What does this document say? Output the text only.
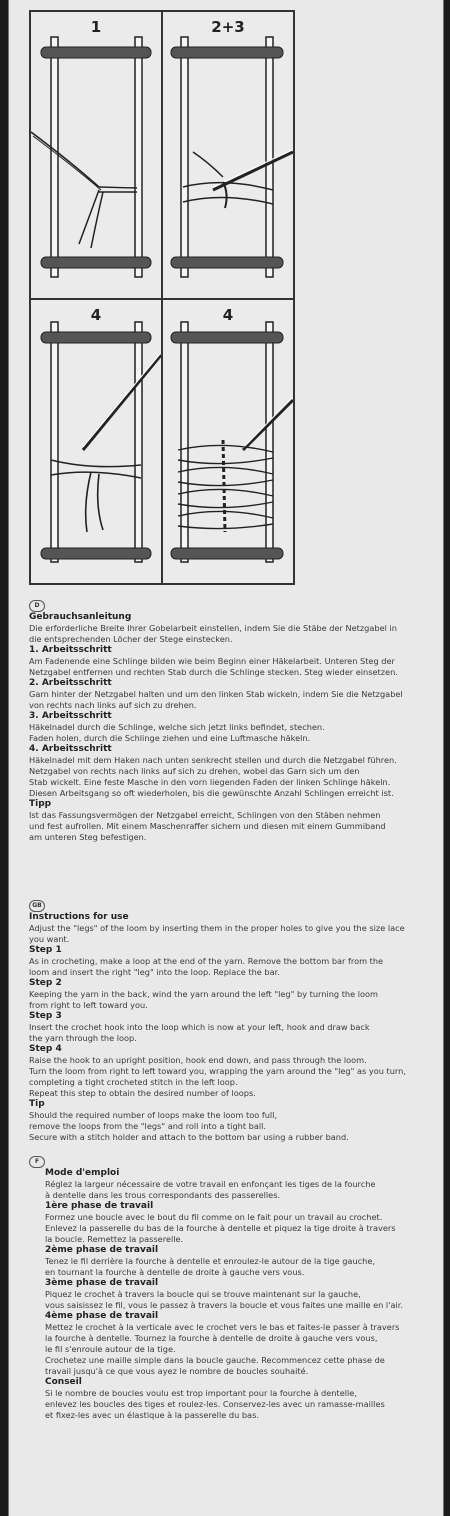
1	2+3
4	4
D
Gebrauchsanleitung
Die erforderliche Breite Ihrer Gobelarbeit einstellen, indem Sie die Stäbe der Netzgabel in
die entsprechenden Löcher der Stege einstecken.
1. Arbeitsschritt
Am Fadenende eine Schlinge bilden wie beim Beginn einer Häkelarbeit. Unteren Steg der
Netzgabel entfernen und rechten Stab durch die Schlinge stecken. Steg wieder einsetzen.
2. Arbeitsschritt
Garn hinter der Netzgabel halten und um den linken Stab wickeln, indem Sie die Netzgabel
von rechts nach links auf sich zu drehen.
3. Arbeitsschritt
Häkelnadel durch die Schlinge, welche sich jetzt links befindet, stechen.
Faden holen, durch die Schlinge ziehen und eine Luftmasche häkeln.
4. Arbeitsschritt
Häkelnadel mit dem Haken nach unten senkrecht stellen und durch die Netzgabel führen.
Netzgabel von rechts nach links auf sich zu drehen, wobei das Garn sich um den
Stab wickelt. Eine feste Masche in den vorn liegenden Faden der linken Schlinge häkeln.
Diesen Arbeitsgang so oft wiederholen, bis die gewünschte Anzahl Schlingen erreicht ist.
Tipp
Ist das Fassungsvermögen der Netzgabel erreicht, Schlingen von den Stäben nehmen
und fest aufrollen. Mit einem Maschenraffer sichern und diesen mit einem Gummiband
am unteren Steg befestigen.
GB
Instructions for use
Adjust the "legs" of the loom by inserting them in the proper holes to give you the size lace
you want.
Step 1
As in crocheting, make a loop at the end of the yarn. Remove the bottom bar from the
loom and insert the right "leg" into the loop. Replace the bar.
Step 2
Keeping the yarn in the back, wind the yarn around the left "leg" by turning the loom
from right to left toward you.
Step 3
Insert the crochet hook into the loop which is now at your left, hook and draw back
the yarn through the loop.
Step 4
Raise the hook to an upright position, hook end down, and pass through the loom.
Turn the loom from right to left toward you, wrapping the yarn around the "leg" as you turn,
completing a tight crocheted stitch in the left loop.
Repeat this step to obtain the desired number of loops.
Tip
Should the required number of loops make the loom too full,
remove the loops from the "legs" and roll into a tight ball.
Secure with a stitch holder and attach to the bottom bar using a rubber band.
F
Mode d'emploi
Réglez la largeur nécessaire de votre travail en enfonçant les tiges de la fourche
à dentelle dans les trous correspondants des passerelles.
1ère phase de travail
Formez une boucle avec le bout du fil comme on le fait pour un travail au crochet.
Enlevez la passerelle du bas de la fourche à dentelle et piquez la tige droite à travers
la boucle. Remettez la passerelle.
2ème phase de travail
Tenez le fil derrière la fourche à dentelle et enroulez-le autour de la tige gauche,
en tournant la fourche à dentelle de droite à gauche vers vous.
3ème phase de travail
Piquez le crochet à travers la boucle qui se trouve maintenant sur la gauche,
vous saisissez le fil, vous le passez à travers la boucle et vous faites une maille en l'air.
4ème phase de travail
Mettez le crochet à la verticale avec le crochet vers le bas et faites-le passer à travers
la fourche à dentelle. Tournez la fourche à dentelle de droite à gauche vers vous,
le fil s'enroule autour de la tige.
Crochetez une maille simple dans la boucle gauche. Recommencez cette phase de
travail jusqu'à ce que vous ayez le nombre de boucles souhaité.
Conseil
Si le nombre de boucles voulu est trop important pour la fourche à dentelle,
enlevez les boucles des tiges et roulez-les. Conservez-les avec un ramasse-mailles
et fixez-les avec un élastique à la passerelle du bas.
